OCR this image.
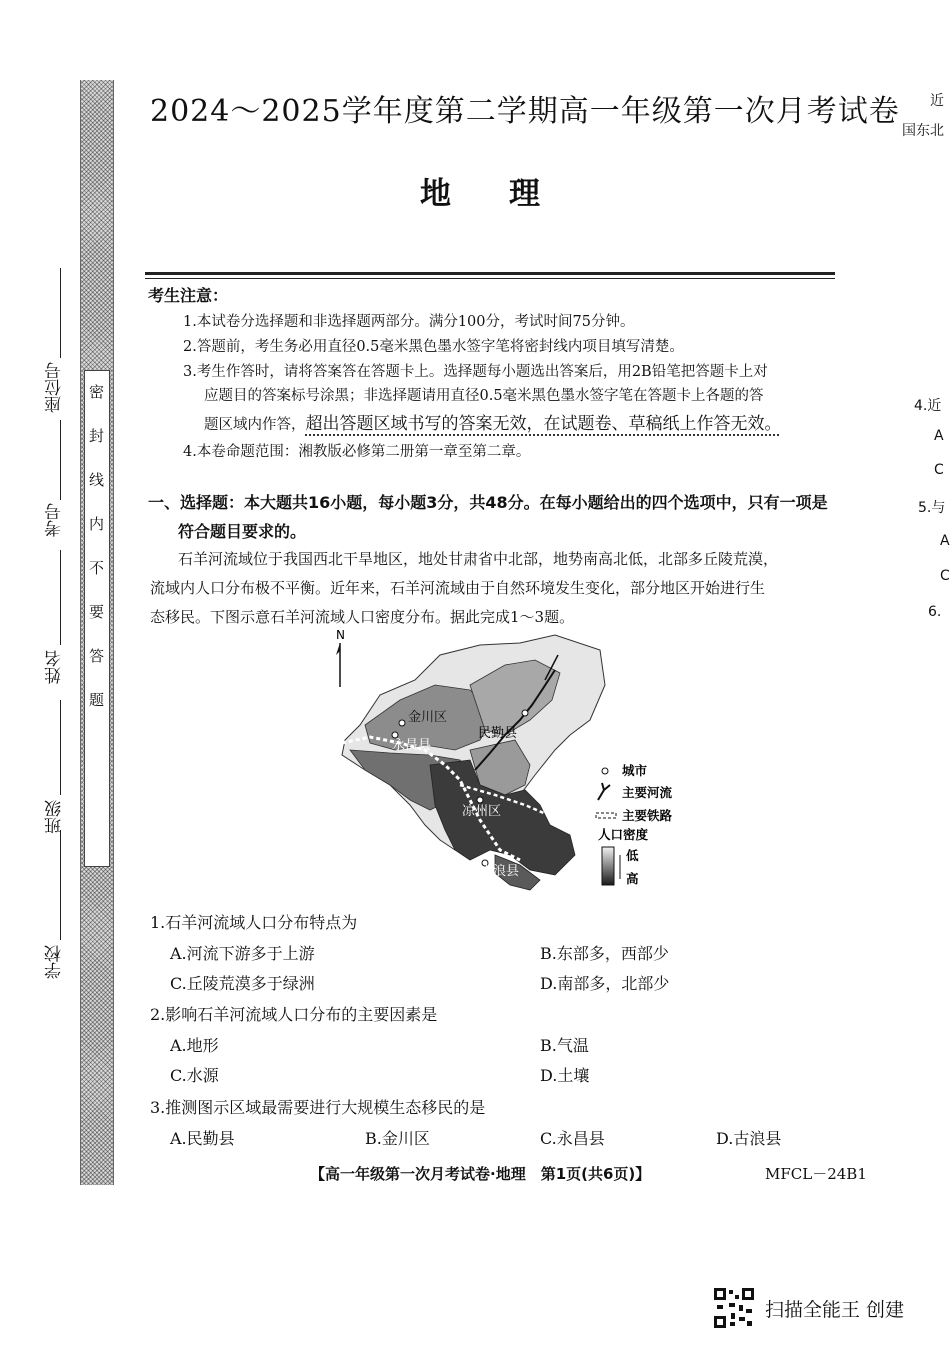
密封线内不要答题
学校
班级
姓名
考号
座位号
2024～2025学年度第二学期高一年级第一次月考试卷
地理
考生注意：
1.本试卷分选择题和非选择题两部分。满分100分，考试时间75分钟。
2.答题前，考生务必用直径0.5毫米黑色墨水签字笔将密封线内项目填写清楚。
3.考生作答时，请将答案答在答题卡上。选择题每小题选出答案后，用2B铅笔把答题卡上对
应题目的答案标号涂黑；非选择题请用直径0.5毫米黑色墨水签字笔在答题卡上各题的答
题区域内作答，超出答题区域书写的答案无效，在试题卷、草稿纸上作答无效。
4.本卷命题范围：湘教版必修第二册第一章至第二章。
一、选择题：本大题共16小题，每小题3分，共48分。在每小题给出的四个选项中，只有一项是
符合题目要求的。
石羊河流域位于我国西北干旱地区，地处甘肃省中北部，地势南高北低，北部多丘陵荒漠，
流域内人口分布极不平衡。近年来，石羊河流域由于自然环境发生变化，部分地区开始进行生
态移民。下图示意石羊河流域人口密度分布。据此完成1～3题。
N
民勤县
金川区
永昌县
凉州区
古浪县
城市
主要河流
主要铁路
人口密度
低
高
1.石羊河流域人口分布特点为
A.河流下游多于上游	B.东部多，西部少
C.丘陵荒漠多于绿洲	D.南部多，北部少
2.影响石羊河流域人口分布的主要因素是
A.地形	B.气温
C.水源	D.土壤
3.推测图示区域最需要进行大规模生态移民的是
A.民勤县	B.金川区	C.永昌县	D.古浪县
【高一年级第一次月考试卷·地理　第1页(共6页)】	MFCL－24B1
近
国东北
4.近
A
C
5.与
A
C
6.
扫描全能王 创建
